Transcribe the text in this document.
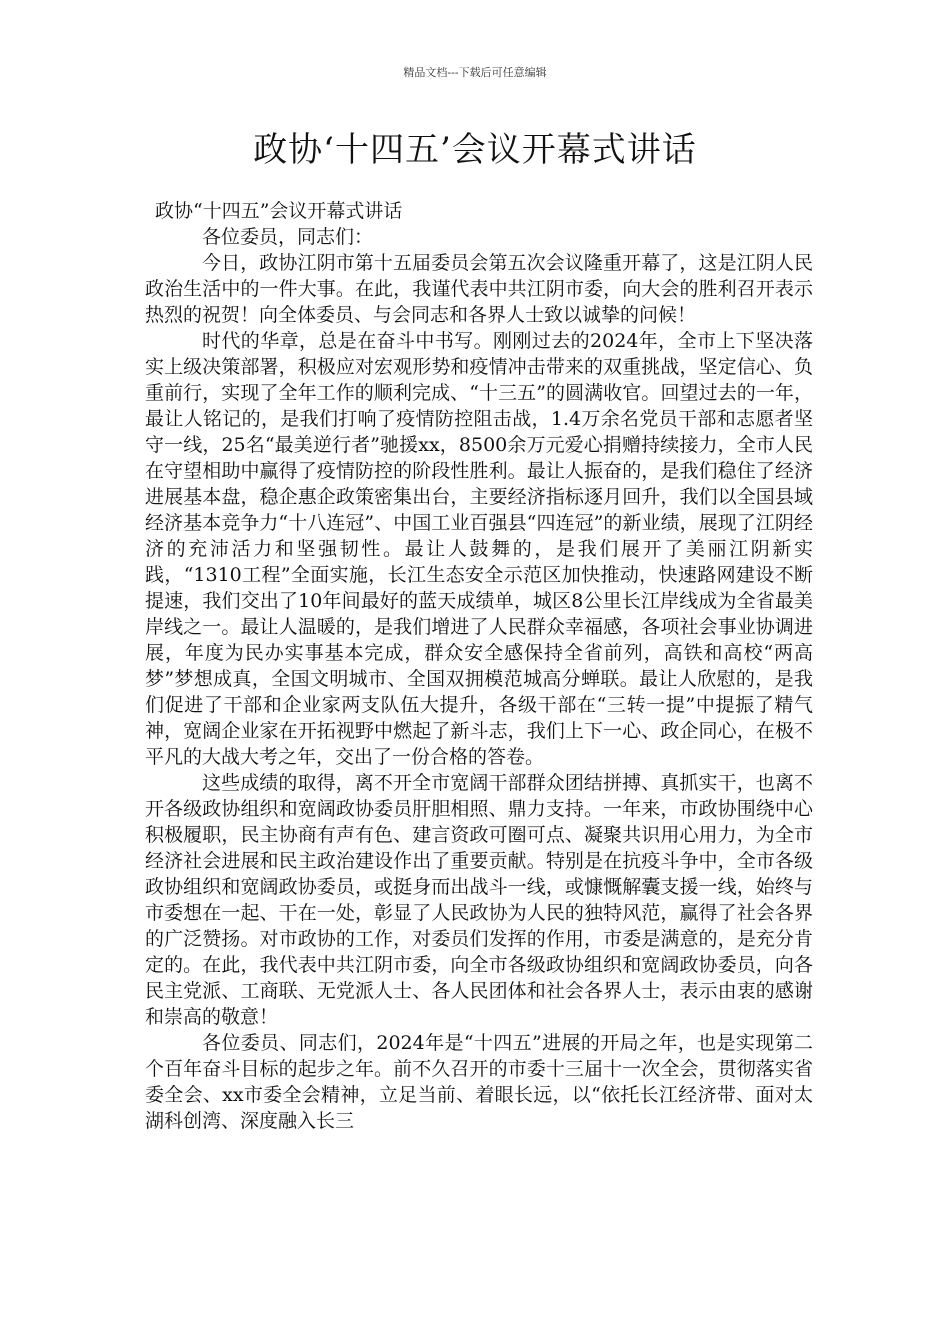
精品文档---下载后可任意编辑
政协‘十四五’会议开幕式讲话

政协“十四五”会议开幕式讲话

各位委员，同志们：

今日，政协江阴市第十五届委员会第五次会议隆重开幕了，这是江阴人民政治生活中的一件大事。在此，我谨代表中共江阴市委，向大会的胜利召开表示热烈的祝贺！向全体委员、与会同志和各界人士致以诚挚的问候！

时代的华章，总是在奋斗中书写。刚刚过去的2024年，全市上下坚决落实上级决策部署，积极应对宏观形势和疫情冲击带来的双重挑战，坚定信心、负重前行，实现了全年工作的顺利完成、“十三五”的圆满收官。回望过去的一年，最让人铭记的，是我们打响了疫情防控阻击战，1.4万余名党员干部和志愿者坚守一线，25名“最美逆行者”驰援xx，8500余万元爱心捐赠持续接力，全市人民在守望相助中赢得了疫情防控的阶段性胜利。最让人振奋的，是我们稳住了经济进展基本盘，稳企惠企政策密集出台，主要经济指标逐月回升，我们以全国县域经济基本竞争力“十八连冠”、中国工业百强县“四连冠”的新业绩，展现了江阴经济的充沛活力和坚强韧性。最让人鼓舞的，是我们展开了美丽江阴新实践，“1310工程”全面实施，长江生态安全示范区加快推动，快速路网建设不断提速，我们交出了10年间最好的蓝天成绩单，城区8公里长江岸线成为全省最美岸线之一。最让人温暖的，是我们增进了人民群众幸福感，各项社会事业协调进展，年度为民办实事基本完成，群众安全感保持全省前列，高铁和高校“两高梦”梦想成真，全国文明城市、全国双拥模范城高分蝉联。最让人欣慰的，是我们促进了干部和企业家两支队伍大提升，各级干部在“三转一提”中提振了精气神，宽阔企业家在开拓视野中燃起了新斗志，我们上下一心、政企同心，在极不平凡的大战大考之年，交出了一份合格的答卷。

这些成绩的取得，离不开全市宽阔干部群众团结拼搏、真抓实干，也离不开各级政协组织和宽阔政协委员肝胆相照、鼎力支持。一年来，市政协围绕中心积极履职，民主协商有声有色、建言资政可圈可点、凝聚共识用心用力，为全市经济社会进展和民主政治建设作出了重要贡献。特别是在抗疫斗争中，全市各级政协组织和宽阔政协委员，或挺身而出战斗一线，或慷慨解囊支援一线，始终与市委想在一起、干在一处，彰显了人民政协为人民的独特风范，赢得了社会各界的广泛赞扬。对市政协的工作，对委员们发挥的作用，市委是满意的，是充分肯定的。在此，我代表中共江阴市委，向全市各级政协组织和宽阔政协委员，向各民主党派、工商联、无党派人士、各人民团体和社会各界人士，表示由衷的感谢和崇高的敬意！

各位委员、同志们，2024年是“十四五”进展的开局之年，也是实现第二个百年奋斗目标的起步之年。前不久召开的市委十三届十一次全会，贯彻落实省委全会、xx市委全会精神，立足当前、着眼长远，以“依托长江经济带、面对太湖科创湾、深度融入长三
